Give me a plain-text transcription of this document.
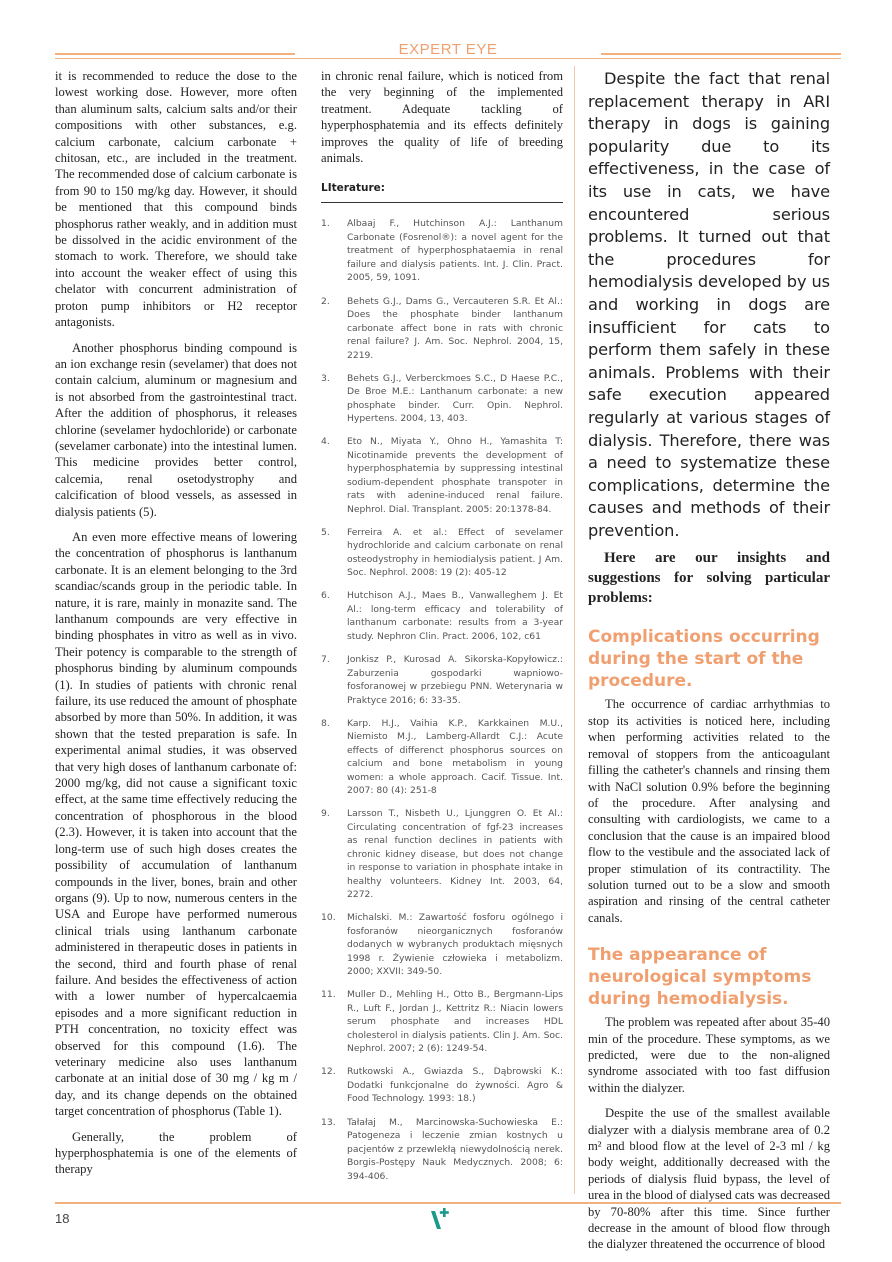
EXPERT EYE

it is recommended to reduce the dose to the lowest working dose. However, more often than aluminum salts, calcium salts and/or their compositions with other substances, e.g. calcium carbonate, calcium carbonate + chitosan, etc., are included in the treatment. The recommended dose of calcium carbonate is from 90 to 150 mg/kg day. However, it should be mentioned that this compound binds phosphorus rather weakly, and in addition must be dissolved in the acidic environment of the stomach to work. Therefore, we should take into account the weaker effect of using this chelator with concurrent administration of proton pump inhibitors or H2 receptor antagonists.

Another phosphorus binding compound is an ion exchange resin (sevelamer) that does not contain calcium, aluminum or magnesium and is not absorbed from the gastrointestinal tract. After the addition of phosphorus, it releases chlorine (sevelamer hydochloride) or carbonate (sevelamer carbonate) into the intestinal lumen. This medicine provides better control, calcemia, renal osetodystrophy and calcification of blood vessels, as assessed in dialysis patients (5).

An even more effective means of lowering the concentration of phosphorus is lanthanum carbonate. It is an element belonging to the 3rd scandiac/scands group in the periodic table. In nature, it is rare, mainly in monazite sand. The lanthanum compounds are very effective in binding phosphates in vitro as well as in vivo. Their potency is comparable to the strength of phosphorus binding by aluminum compounds (1). In studies of patients with chronic renal failure, its use reduced the amount of phosphate absorbed by more than 50%. In addition, it was shown that the tested preparation is safe. In experimental animal studies, it was observed that very high doses of lanthanum carbonate of: 2000 mg/kg, did not cause a significant toxic effect, at the same time effectively reducing the concentration of phosphorous in the blood (2.3). However, it is taken into account that the long-term use of such high doses creates the possibility of accumulation of lanthanum compounds in the liver, bones, brain and other organs (9). Up to now, numerous centers in the USA and Europe have performed numerous clinical trials using lanthanum carbonate administered in therapeutic doses in patients in the second, third and fourth phase of renal failure. And besides the effectiveness of action with a lower number of hypercalcaemia episodes and a more significant reduction in PTH concentration, no toxicity effect was observed for this compound (1.6). The veterinary medicine also uses lanthanum carbonate at an initial dose of 30 mg / kg m / day, and its change depends on the obtained target concentration of phosphorus (Table 1).

Generally, the problem of hyperphosphatemia is one of the elements of therapy

in chronic renal failure, which is noticed from the very beginning of the implemented treatment. Adequate tackling of hyperphosphatemia and its effects definitely improves the quality of life of breeding animals.

LIterature:
1.	Albaaj F., Hutchinson A.J.: Lanthanum Carbonate (Fosrenol®): a novel agent for the treatment of hyperphosphataemia in renal failure and dialysis patients. Int. J. Clin. Pract. 2005, 59, 1091.
2.	Behets G.J., Dams G., Vercauteren S.R. Et Al.: Does the phosphate binder lanthanum carbonate affect bone in rats with chronic renal failure? J. Am. Soc. Nephrol. 2004, 15, 2219.
3.	Behets G.J., Verberckmoes S.C., D Haese P.C., De Broe M.E.: Lanthanum carbonate: a new phosphate binder. Curr. Opin. Nephrol. Hypertens. 2004, 13, 403.
4.	Eto N., Miyata Y., Ohno H., Yamashita T: Nicotinamide prevents the development of hyperphosphatemia by suppressing intestinal sodium-dependent phosphate transpoter in rats with adenine-induced renal failure. Nephrol. Dial. Transplant. 2005: 20:1378-84.
5.	Ferreira A. et al.: Effect of sevelamer hydrochloride and calcium carbonate on renal osteodystrophy in hemiodialysis patient. J Am. Soc. Nephrol. 2008: 19 (2): 405-12
6.	Hutchison A.J., Maes B., Vanwalleghem J. Et Al.: long-term efficacy and tolerability of lanthanum carbonate: results from a 3-year study. Nephron Clin. Pract. 2006, 102, c61
7.	Jonkisz P., Kurosad A. Sikorska-Kopyłowicz.: Zaburzenia gospodarki wapniowo-fosforanowej w przebiegu PNN. Weterynaria w Praktyce 2016; 6: 33-35.
8.	Karp. H.J., Vaihia K.P., Karkkainen M.U., Niemisto M.J., Lamberg-Allardt C.J.: Acute effects of differenct phosphorus sources on calcium and bone metabolism in young women: a whole approach. Cacif. Tissue. Int. 2007: 80 (4): 251-8
9.	Larsson T., Nisbeth U., Ljunggren O. Et Al.: Circulating concentration of fgf-23 increases as renal function declines in patients with chronic kidney disease, but does not change in response to variation in phosphate intake in healthy volunteers. Kidney Int. 2003, 64, 2272.
10.	Michalski. M.: Zawartość fosforu ogólnego i fosforanów nieorganicznych fosforanów dodanych w wybranych produktach mięsnych 1998 r. Żywienie człowieka i metabolizm. 2000; XXVII: 349-50.
11.	Muller D., Mehling H., Otto B., Bergmann-Lips R., Luft F., Jordan J., Kettritz R.: Niacin lowers serum phosphate and increases HDL cholesterol in dialysis patients. Clin J. Am. Soc. Nephrol. 2007; 2 (6): 1249-54.
12.	Rutkowski A., Gwiazda S., Dąbrowski K.: Dodatki funkcjonalne do żywności. Agro & Food Technology. 1993: 18.)
13.	Tałałaj M., Marcinowska-Suchowieska E.: Patogeneza i leczenie zmian kostnych u pacjentów z przewlekłą niewydolnością nerek. Borgis-Postępy Nauk Medycznych. 2008; 6: 394-406.

Despite the fact that renal replacement therapy in ARI therapy in dogs is gaining popularity due to its effectiveness, in the case of its use in cats, we have encountered serious problems. It turned out that the procedures for hemodialysis developed by us and working in dogs are insufficient for cats to perform them safely in these animals. Problems with their safe execution appeared regularly at various stages of dialysis. Therefore, there was a need to systematize these complications, determine the causes and methods of their prevention.

Here are our insights and suggestions for solving particular problems:

Complications occurring during the start of the procedure.

The occurrence of cardiac arrhythmias to stop its activities is noticed here, including when performing activities related to the removal of stoppers from the anticoagulant filling the catheter's channels and rinsing them with NaCl solution 0.9% before the beginning of the procedure. After analysing and consulting with cardiologists, we came to a conclusion that the cause is an impaired blood flow to the vestibule and the associated lack of proper stimulation of its contractility. The solution turned out to be a slow and smooth aspiration and rinsing of the central catheter canals.

The appearance of neurological symptoms during hemodialysis.

The problem was repeated after about 35-40 min of the procedure. These symptoms, as we predicted, were due to the non-aligned syndrome associated with too fast diffusion within the dialyzer.

Despite the use of the smallest available dialyzer with a dialysis membrane area of 0.2 m² and blood flow at the level of 2-3 ml / kg body weight, additionally decreased with the periods of dialysis fluid bypass, the level of urea in the blood of dialysed cats was decreased by 70-80% after this time. Since further decrease in the amount of blood flow through the dialyzer threatened the occurrence of blood

18
